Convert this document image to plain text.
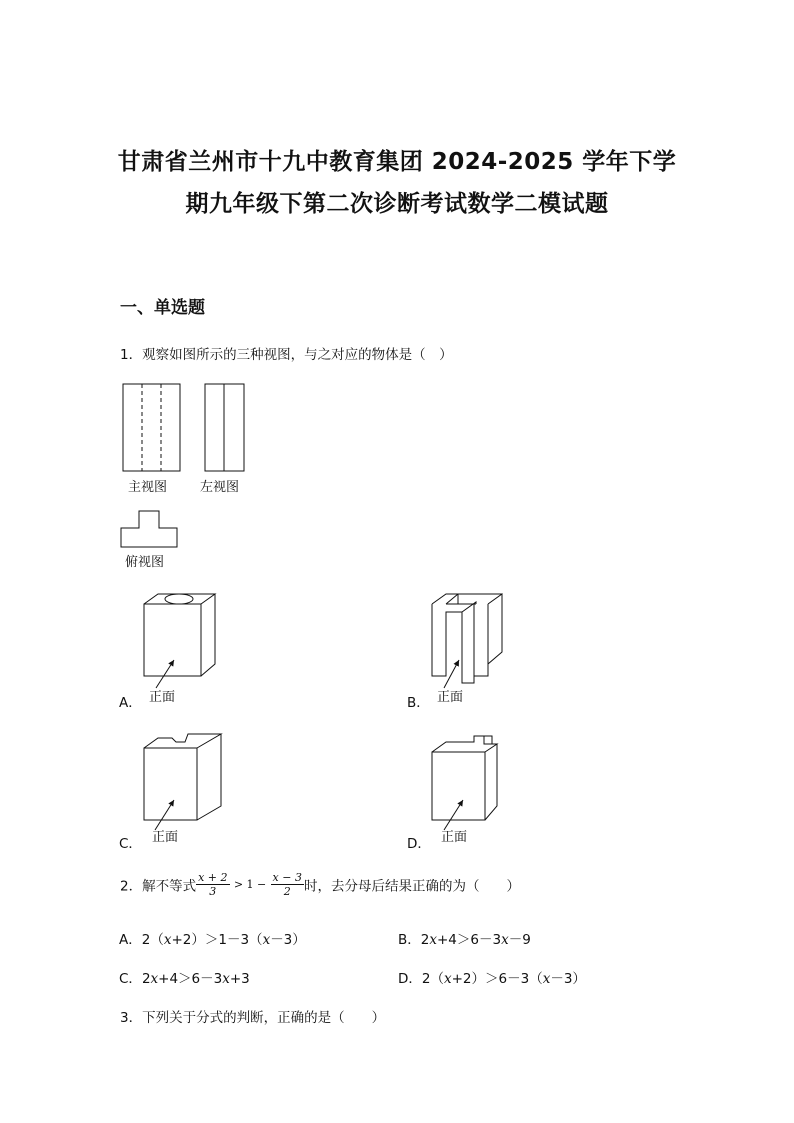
甘肃省兰州市十九中教育集团 2024-2025 学年下学
期九年级下第二次诊断考试数学二模试题
一、单选题
1．观察如图所示的三种视图，与之对应的物体是（　）
主视图	左视图
俯视图
A． 正面	B． 正面
C． 正面	D． 正面
2．解不等式 $\frac{x + 2}{3} > 1 - \frac{x - 3}{2}$ 时，去分母后结果正确的为（　　）
A．2（x+2）＞1－3（x－3）	B．2x+4＞6－3x－9
C．2x+4＞6－3x+3	D．2（x+2）＞6－3（x－3）
3．下列关于分式的判断，正确的是（　　）
